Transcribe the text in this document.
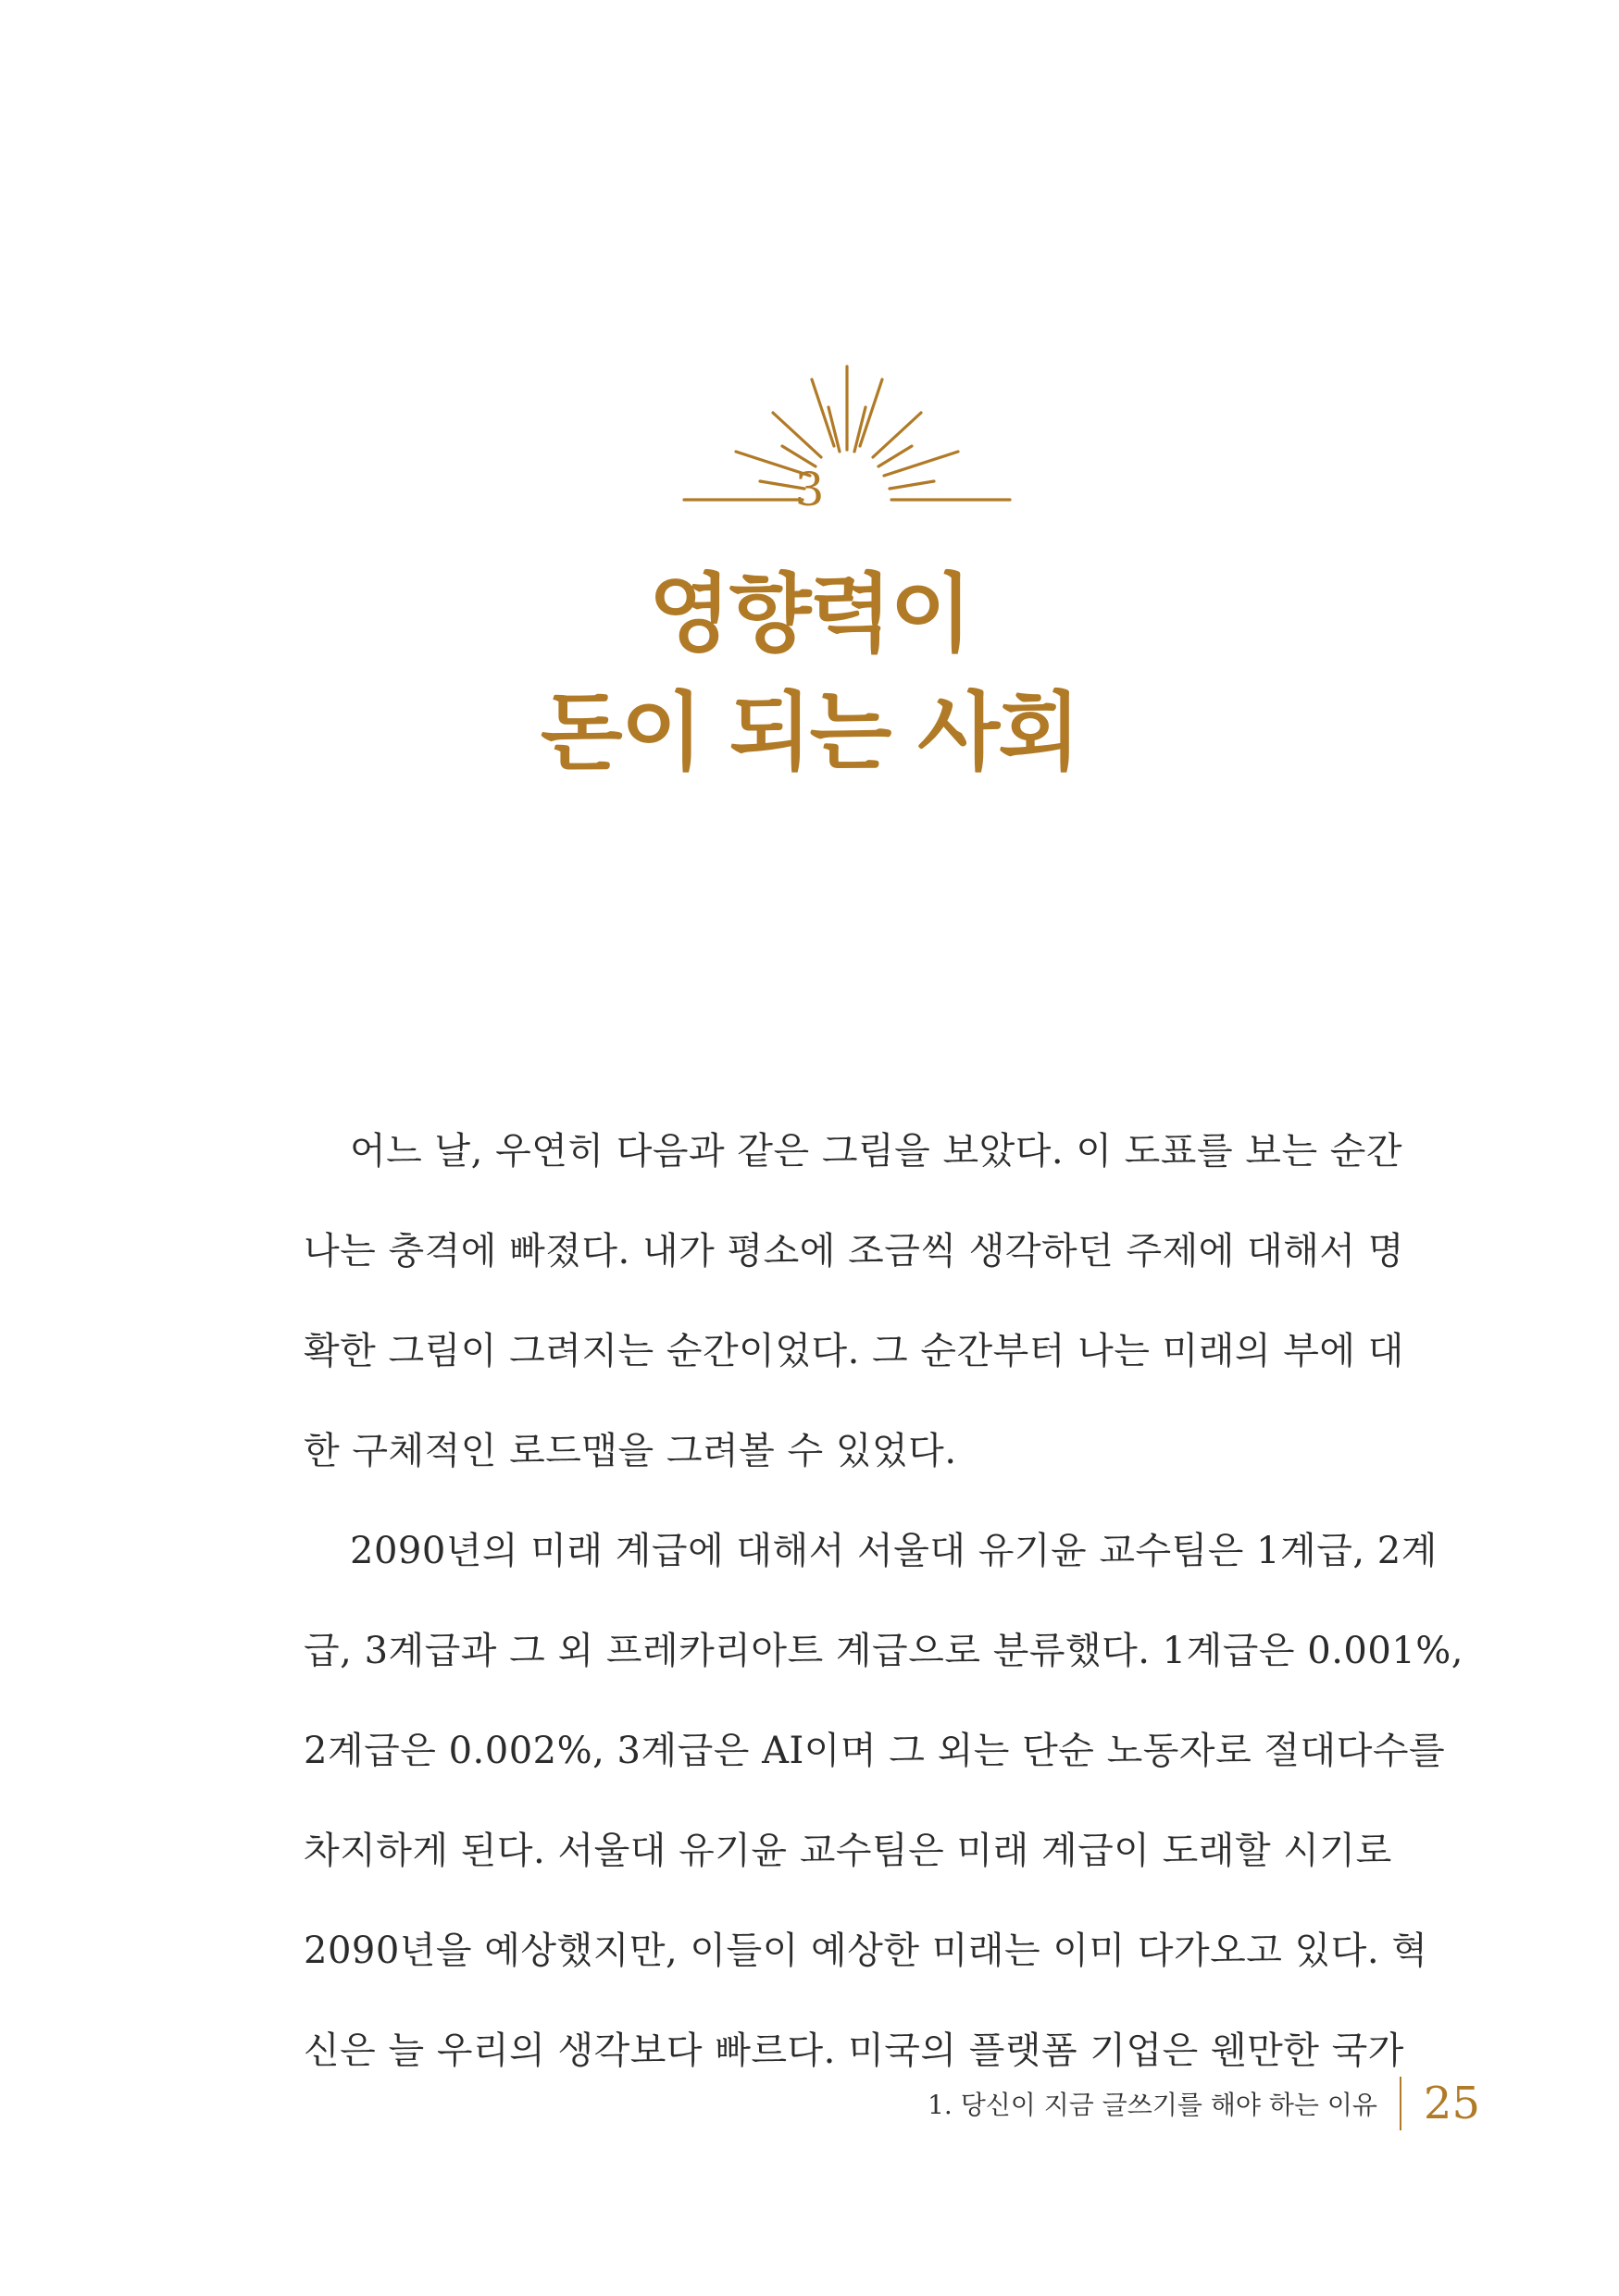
3
영향력이
돈이 되는 사회
어느 날, 우연히 다음과 같은 그림을 보았다. 이 도표를 보는 순간
나는 충격에 빠졌다. 내가 평소에 조금씩 생각하던 주제에 대해서 명
확한 그림이 그려지는 순간이었다. 그 순간부터 나는 미래의 부에 대
한 구체적인 로드맵을 그려볼 수 있었다.
2090년의 미래 계급에 대해서 서울대 유기윤 교수팀은 1계급, 2계
급, 3계급과 그 외 프레카리아트 계급으로 분류했다. 1계급은 0.001%,
2계급은 0.002%, 3계급은 AI이며 그 외는 단순 노동자로 절대다수를
차지하게 된다. 서울대 유기윤 교수팀은 미래 계급이 도래할 시기로
2090년을 예상했지만, 이들이 예상한 미래는 이미 다가오고 있다. 혁
신은 늘 우리의 생각보다 빠르다. 미국의 플랫폼 기업은 웬만한 국가
1. 당신이 지금 글쓰기를 해야 하는 이유 25
